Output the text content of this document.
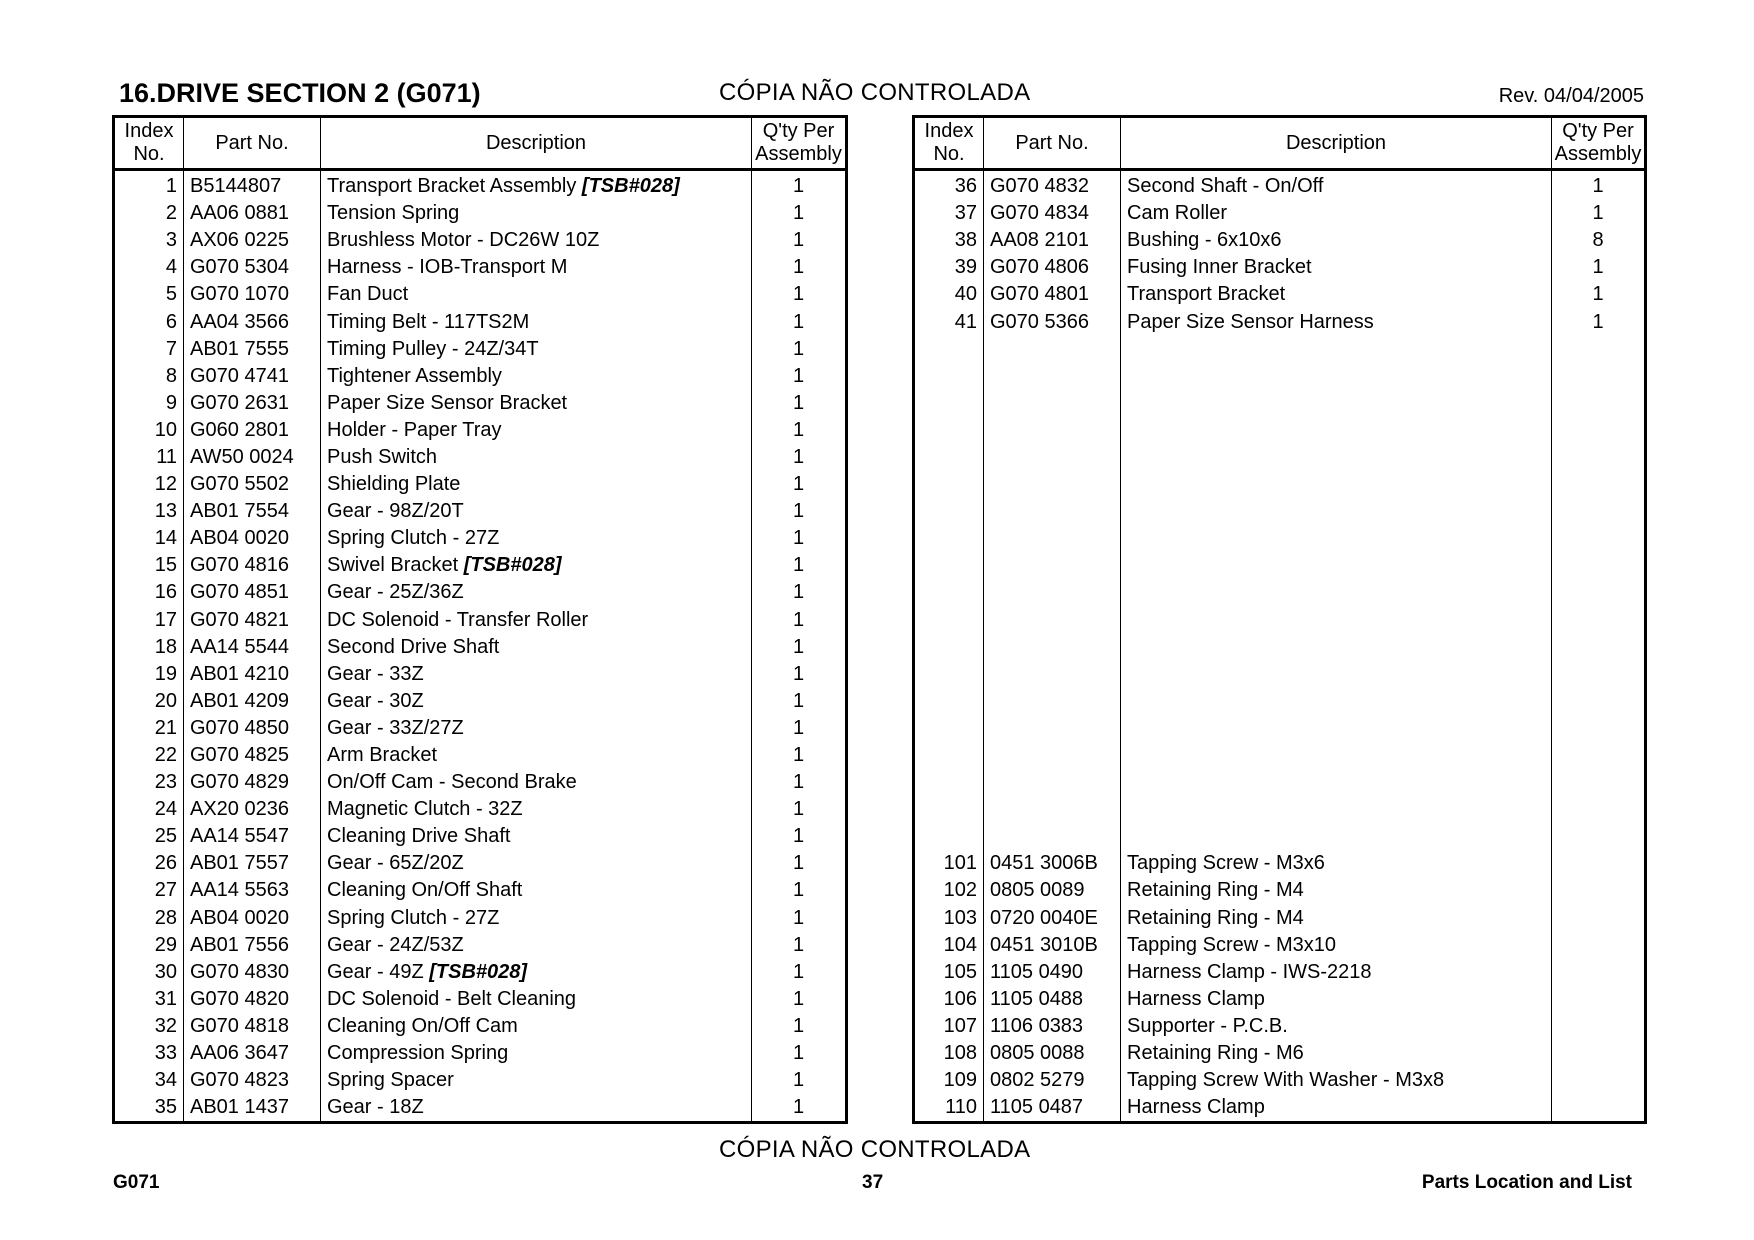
16.DRIVE SECTION 2 (G071)	CÓPIA NÃO CONTROLADA	Rev. 04/04/2005
Index
No.	Part No.	Description	Q'ty Per
Assembly
1	B5144807	Transport Bracket Assembly [TSB#028]	1
2	AA06 0881	Tension Spring	1
3	AX06 0225	Brushless Motor - DC26W 10Z	1
4	G070 5304	Harness - IOB-Transport M	1
5	G070 1070	Fan Duct	1
6	AA04 3566	Timing Belt - 117TS2M	1
7	AB01 7555	Timing Pulley - 24Z/34T	1
8	G070 4741	Tightener Assembly	1
9	G070 2631	Paper Size Sensor Bracket	1
10	G060 2801	Holder - Paper Tray	1
11	AW50 0024	Push Switch	1
12	G070 5502	Shielding Plate	1
13	AB01 7554	Gear - 98Z/20T	1
14	AB04 0020	Spring Clutch - 27Z	1
15	G070 4816	Swivel Bracket [TSB#028]	1
16	G070 4851	Gear - 25Z/36Z	1
17	G070 4821	DC Solenoid - Transfer Roller	1
18	AA14 5544	Second Drive Shaft	1
19	AB01 4210	Gear - 33Z	1
20	AB01 4209	Gear - 30Z	1
21	G070 4850	Gear - 33Z/27Z	1
22	G070 4825	Arm Bracket	1
23	G070 4829	On/Off Cam - Second Brake	1
24	AX20 0236	Magnetic Clutch - 32Z	1
25	AA14 5547	Cleaning Drive Shaft	1
26	AB01 7557	Gear - 65Z/20Z	1
27	AA14 5563	Cleaning On/Off Shaft	1
28	AB04 0020	Spring Clutch - 27Z	1
29	AB01 7556	Gear - 24Z/53Z	1
30	G070 4830	Gear - 49Z [TSB#028]	1
31	G070 4820	DC Solenoid - Belt Cleaning	1
32	G070 4818	Cleaning On/Off Cam	1
33	AA06 3647	Compression Spring	1
34	G070 4823	Spring Spacer	1
35	AB01 1437	Gear - 18Z	1
Index
No.	Part No.	Description	Q'ty Per
Assembly
36	G070 4832	Second Shaft - On/Off	1
37	G070 4834	Cam Roller	1
38	AA08 2101	Bushing - 6x10x6	8
39	G070 4806	Fusing Inner Bracket	1
40	G070 4801	Transport Bracket	1
41	G070 5366	Paper Size Sensor Harness	1

101	0451 3006B	Tapping Screw - M3x6	
102	0805 0089	Retaining Ring - M4	
103	0720 0040E	Retaining Ring - M4	
104	0451 3010B	Tapping Screw - M3x10	
105	1105 0490	Harness Clamp - IWS-2218	
106	1105 0488	Harness Clamp	
107	1106 0383	Supporter - P.C.B.	
108	0805 0088	Retaining Ring - M6	
109	0802 5279	Tapping Screw With Washer - M3x8	
110	1105 0487	Harness Clamp	
CÓPIA NÃO CONTROLADA
G071	37	Parts Location and List
